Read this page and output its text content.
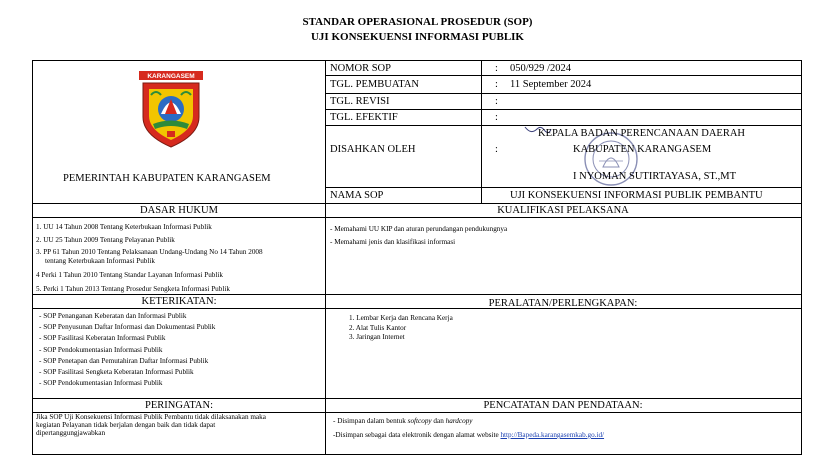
STANDAR OPERASIONAL PROSEDUR (SOP)
UJI KONSEKUENSI INFORMASI PUBLIK
KARANGASEM
PEMERINTAH KABUPATEN KARANGASEM
NOMOR SOP	: 050/929 /2024
TGL. PEMBUATAN	: 11 September 2024
TGL. REVISI	:
TGL. EFEKTIF	:
DISAHKAN OLEH	:
KEPALA BADAN PERENCANAAN DAERAH
KABUPATEN KARANGASEM
I NYOMAN SUTIRTAYASA, ST.,MT
NAMA SOP	UJI KONSEKUENSI INFORMASI PUBLIK PEMBANTU
DASAR HUKUM
1. UU 14 Tahun 2008 Tentang Keterbukaan Informasi Publik
2. UU 25 Tahun 2009 Tentang Pelayanan Publik
3. PP 61 Tahun 2010 Tentang Pelaksanaan Undang-Undang No 14 Tahun 2008
tentang Keterbukaan Informasi Publik
4 Perki 1 Tahun 2010 Tentang Standar Layanan Informasi Publik
5. Perki 1 Tahun 2013 Tentang Prosedur Sengketa Informasi Publik
KUALIFIKASI PELAKSANA
- Memahami UU KIP dan aturan perundangan pendukungnya
- Memahami jenis dan klasifikasi informasi
KETERIKATAN:
- SOP Penanganan Keberatan dan Informasi Publik
- SOP Penyusunan Daftar Informasi dan Dokumentasi Publik
- SOP Fasilitasi Keberatan Informasi Publik
- SOP Pendokumentasian Informasi Publik
- SOP Penetapan dan Pemutahiran Daftar Informasi Publik
- SOP Fasilitasi Sengketa Keberatan Informasi Publik
- SOP Pendokumentasian Informasi Publik
PERALATAN/PERLENGKAPAN:
1. Lembar Kerja dan Rencana Kerja
2. Alat Tulis Kantor
3. Jaringan Internet
PERINGATAN:
Jika SOP Uji Konsekuensi Informasi Publik Pembantu tidak dilaksanakan maka
kegiatan Pelayanan tidak berjalan dengan baik dan tidak dapat
dipertanggungjawabkan
PENCATATAN DAN PENDATAAN:
- Disimpan dalam bentuk softcopy dan hardcopy
-Disimpan sebagai data elektronik dengan alamat website http://Bapeda.karangasemkab.go.id/
